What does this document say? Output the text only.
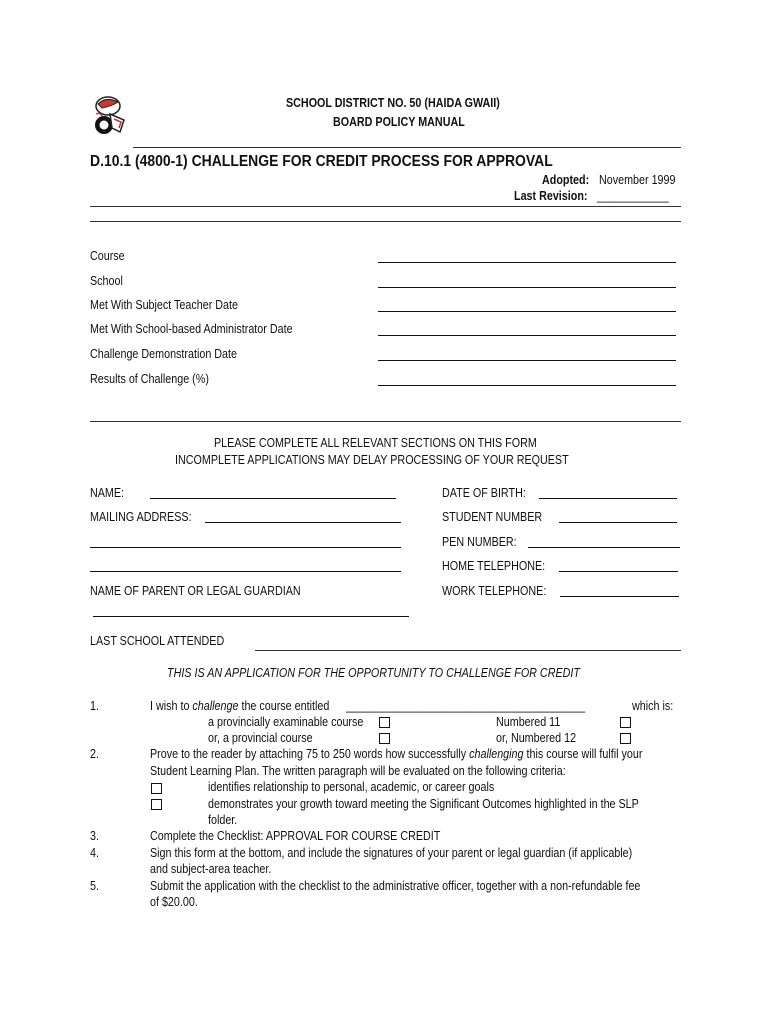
SCHOOL DISTRICT NO. 50 (HAIDA GWAII)
BOARD POLICY MANUAL
D.10.1 (4800-1) CHALLENGE FOR CREDIT PROCESS FOR APPROVAL
Adopted: November 1999
Last Revision: ____________
Course
School
Met With Subject Teacher Date
Met With School-based Administrator Date
Challenge Demonstration Date
Results of Challenge (%)
PLEASE COMPLETE ALL RELEVANT SECTIONS ON THIS FORM
INCOMPLETE APPLICATIONS MAY DELAY PROCESSING OF YOUR REQUEST
NAME:
MAILING ADDRESS:
NAME OF PARENT OR LEGAL GUARDIAN
DATE OF BIRTH:
STUDENT NUMBER
PEN NUMBER:
HOME TELEPHONE:
WORK TELEPHONE:
LAST SCHOOL ATTENDED
THIS IS AN APPLICATION FOR THE OPPORTUNITY TO CHALLENGE FOR CREDIT
1.	I wish to challenge the course entitled ________________________________________	which is:
a provincially examinable course	Numbered 11
or, a provincial course	or, Numbered 12
2.	Prove to the reader by attaching 75 to 250 words how successfully challenging this course will fulfil your
Student Learning Plan. The written paragraph will be evaluated on the following criteria:
identifies relationship to personal, academic, or career goals
demonstrates your growth toward meeting the Significant Outcomes highlighted in the SLP
folder.
3.	Complete the Checklist: APPROVAL FOR COURSE CREDIT
4.	Sign this form at the bottom, and include the signatures of your parent or legal guardian (if applicable)
and subject-area teacher.
5.	Submit the application with the checklist to the administrative officer, together with a non-refundable fee
of $20.00.
